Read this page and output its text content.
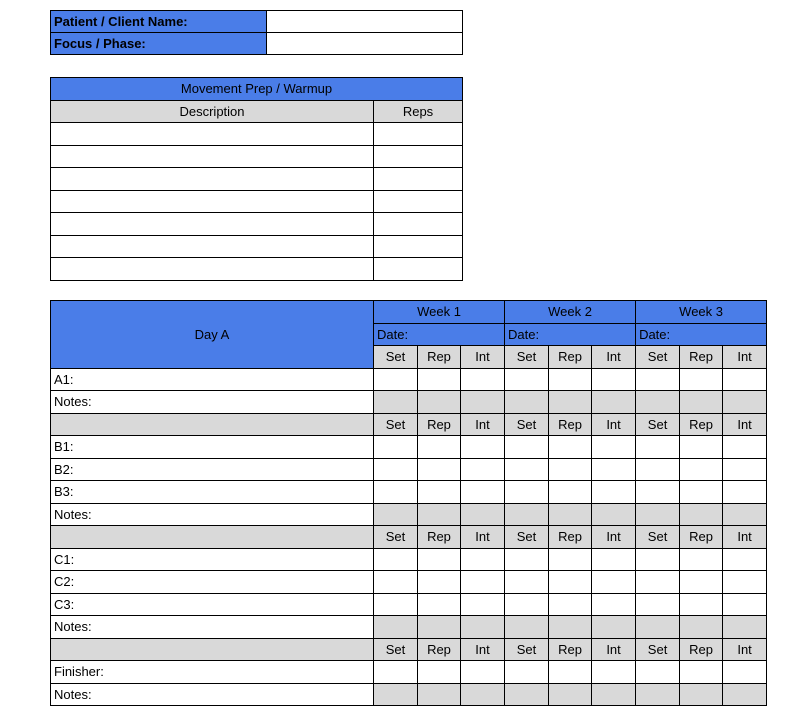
Patient / Client Name:	
Focus / Phase:	
Movement Prep / Warmup	
Description	Reps

Day A	Week 1			Week 2			Week 3		
	Date:			Date:			Date:		
	Set	Rep	Int	Set	Rep	Int	Set	Rep	Int
A1:									
Notes:									
	Set	Rep	Int	Set	Rep	Int	Set	Rep	Int
B1:									
B2:									
B3:									
Notes:									
	Set	Rep	Int	Set	Rep	Int	Set	Rep	Int
C1:									
C2:									
C3:									
Notes:									
	Set	Rep	Int	Set	Rep	Int	Set	Rep	Int
Finisher:									
Notes:									
